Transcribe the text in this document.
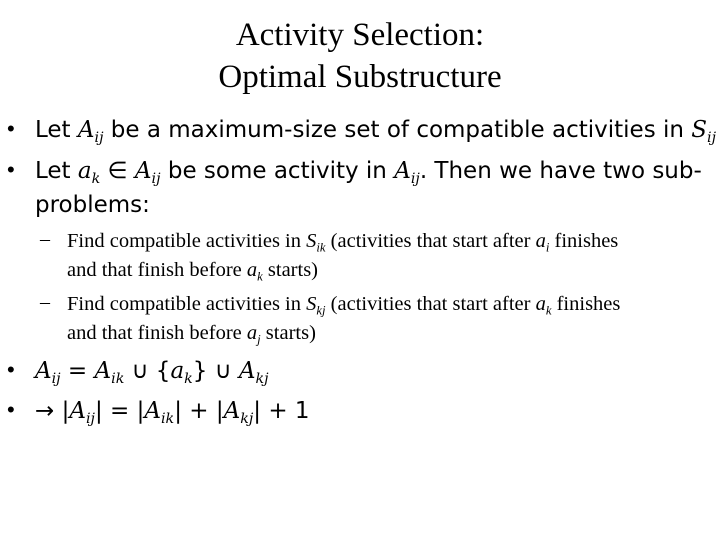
Activity Selection:
Optimal Substructure
• Let $A_{ij}$ be a maximum-size set of compatible activities in $S_{ij}$
• Let $a_k$ ∈ $A_{ij}$ be some activity in $A_{ij}$. Then we have two sub-
problems:
– Find compatible activities in $S_{ik}$ (activities that start after $a_i$ finishes
and that finish before $a_k$ starts)
– Find compatible activities in $S_{kj}$ (activities that start after $a_k$ finishes
and that finish before $a_j$ starts)
• $A_{ij} = A_{ik}$ ∪ $\{a_k\}$ ∪ $A_{kj}$
• → $|A_{ij}| = |A_{ik}| + |A_{kj}| + 1$
